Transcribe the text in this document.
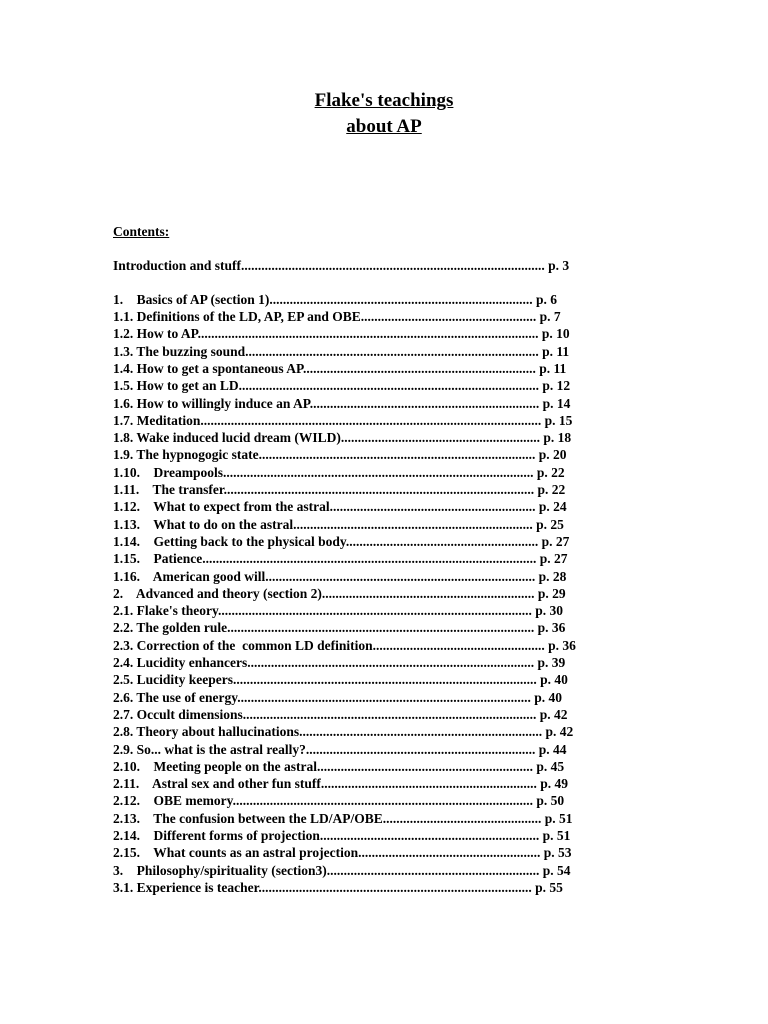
Flake's teachings
about AP
Contents:
Introduction and stuff.......................................................................................... p. 3
1.    Basics of AP (section 1).............................................................................. p. 6
1.1. Definitions of the LD, AP, EP and OBE.................................................... p. 7
1.2. How to AP..................................................................................................... p. 10
1.3. The buzzing sound....................................................................................... p. 11
1.4. How to get a spontaneous AP..................................................................... p. 11
1.5. How to get an LD......................................................................................... p. 12
1.6. How to willingly induce an AP.................................................................... p. 14
1.7. Meditation..................................................................................................... p. 15
1.8. Wake induced lucid dream (WILD)........................................................... p. 18
1.9. The hypnogogic state.................................................................................. p. 20
1.10.    Dreampools............................................................................................ p. 22
1.11.    The transfer............................................................................................ p. 22
1.12.    What to expect from the astral............................................................. p. 24
1.13.    What to do on the astral....................................................................... p. 25
1.14.    Getting back to the physical body......................................................... p. 27
1.15.    Patience................................................................................................... p. 27
1.16.    American good will................................................................................ p. 28
2.    Advanced and theory (section 2)............................................................... p. 29
2.1. Flake's theory............................................................................................. p. 30
2.2. The golden rule........................................................................................... p. 36
2.3. Correction of the  common LD definition................................................... p. 36
2.4. Lucidity enhancers..................................................................................... p. 39
2.5. Lucidity keepers.......................................................................................... p. 40
2.6. The use of energy....................................................................................... p. 40
2.7. Occult dimensions....................................................................................... p. 42
2.8. Theory about hallucinations........................................................................ p. 42
2.9. So... what is the astral really?.................................................................... p. 44
2.10.    Meeting people on the astral................................................................ p. 45
2.11.    Astral sex and other fun stuff................................................................ p. 49
2.12.    OBE memory......................................................................................... p. 50
2.13.    The confusion between the LD/AP/OBE............................................... p. 51
2.14.    Different forms of projection................................................................. p. 51
2.15.    What counts as an astral projection...................................................... p. 53
3.    Philosophy/spirituality (section3)............................................................... p. 54
3.1. Experience is teacher................................................................................. p. 55
